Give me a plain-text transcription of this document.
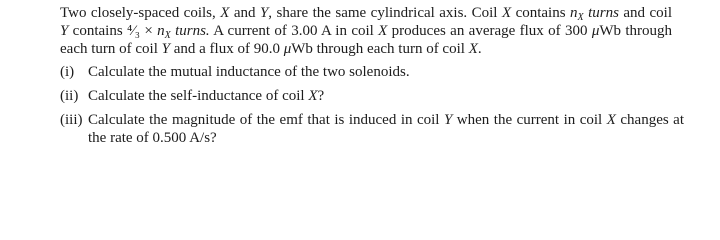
Two closely-spaced coils, X and Y, share the same cylindrical axis. Coil X contains $n_X$ turns and coil Y contains ⁴⁄₃ × $n_X$ turns. A current of 3.00 A in coil X produces an average flux of 300 μWb through each turn of coil Y and a flux of 90.0 μWb through each turn of coil X.

(i) Calculate the mutual inductance of the two solenoids.
(ii) Calculate the self-inductance of coil X?
(iii) Calculate the magnitude of the emf that is induced in coil Y when the current in coil X changes at the rate of 0.500 A/s?
